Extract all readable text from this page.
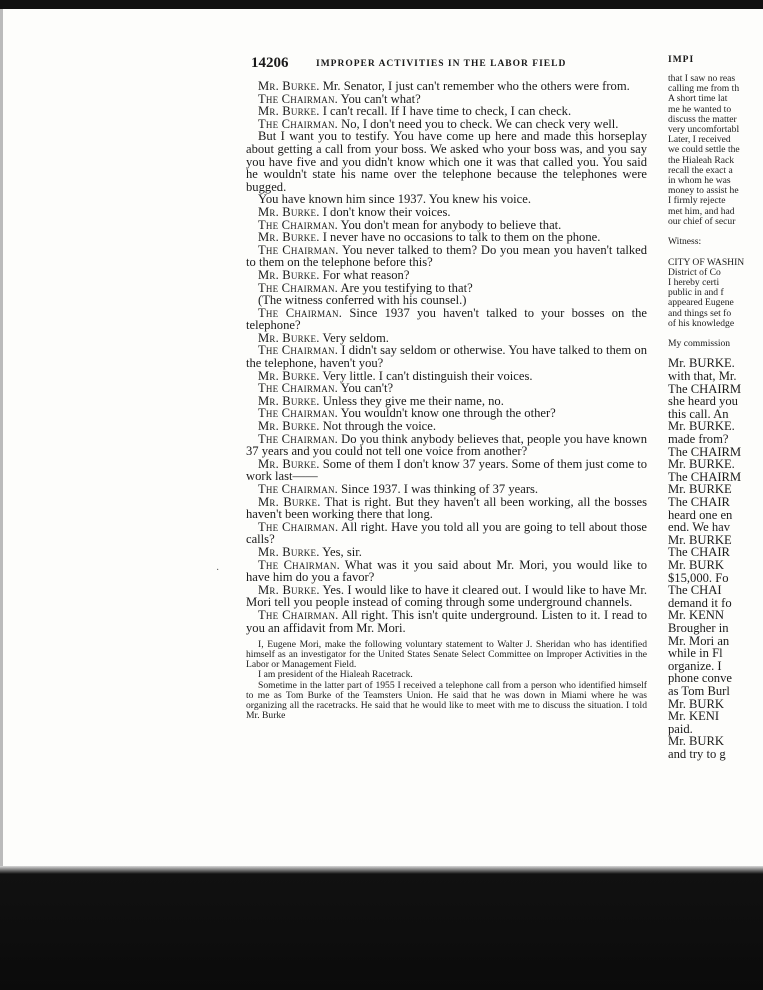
14206	IMPROPER ACTIVITIES IN THE LABOR FIELD

Mr. Burke. Mr. Senator, I just can't remember who the others were from.

The Chairman. You can't what?

Mr. Burke. I can't recall. If I have time to check, I can check.

The Chairman. No, I don't need you to check. We can check very well.

But I want you to testify. You have come up here and made this horseplay about getting a call from your boss. We asked who your boss was, and you say you have five and you didn't know which one it was that called you. You said he wouldn't state his name over the telephone because the telephones were bugged.

You have known him since 1937. You knew his voice.

Mr. Burke. I don't know their voices.

The Chairman. You don't mean for anybody to believe that.

Mr. Burke. I never have no occasions to talk to them on the phone.

The Chairman. You never talked to them? Do you mean you haven't talked to them on the telephone before this?

Mr. Burke. For what reason?

The Chairman. Are you testifying to that?

(The witness conferred with his counsel.)

The Chairman. Since 1937 you haven't talked to your bosses on the telephone?

Mr. Burke. Very seldom.

The Chairman. I didn't say seldom or otherwise. You have talked to them on the telephone, haven't you?

Mr. Burke. Very little. I can't distinguish their voices.

The Chairman. You can't?

Mr. Burke. Unless they give me their name, no.

The Chairman. You wouldn't know one through the other?

Mr. Burke. Not through the voice.

The Chairman. Do you think anybody believes that, people you have known 37 years and you could not tell one voice from another?

Mr. Burke. Some of them I don't know 37 years. Some of them just come to work last——

The Chairman. Since 1937. I was thinking of 37 years.

Mr. Burke. That is right. But they haven't all been working, all the bosses haven't been working there that long.

The Chairman. All right. Have you told all you are going to tell about those calls?

Mr. Burke. Yes, sir.

The Chairman. What was it you said about Mr. Mori, you would like to have him do you a favor?

Mr. Burke. Yes. I would like to have it cleared out. I would like to have Mr. Mori tell you people instead of coming through some underground channels.

The Chairman. All right. This isn't quite underground. Listen to it. I read to you an affidavit from Mr. Mori.

I, Eugene Mori, make the following voluntary statement to Walter J. Sheridan who has identified himself as an investigator for the United States Senate Select Committee on Improper Activities in the Labor or Management Field.

I am president of the Hialeah Racetrack.

Sometime in the latter part of 1955 I received a telephone call from a person who identified himself to me as Tom Burke of the Teamsters Union. He said that he was down in Miami where he was organizing all the racetracks. He said that he would like to meet with me to discuss the situation. I told Mr. Burke

IMPI
that I saw no reas
calling me from th
A short time lat
me he wanted to
discuss the matter
very uncomfortabl
Later, I received
we could settle the
the Hialeah Rack
recall the exact a
in whom he was
money to assist he
I firmly rejecte
met him, and had
our chief of secur

Witness:

CITY OF WASHIN
District of Co
I hereby certi
public in and f
appeared Eugene
and things set fo
of his knowledge

My commission
Mr. BURKE.
with that, Mr.
The CHAIRM
she heard you
this call. An
Mr. BURKE.
made from?
The CHAIRM
Mr. BURKE.
The CHAIRM
Mr. BURKE
The CHAIR
heard one en
end. We hav
Mr. BURKE
The CHAIR
Mr. BURK
$15,000. Fo
The CHAI
demand it fo
Mr. KENN
Brougher in
Mr. Mori an
while in Fl
organize. I
phone conve
as Tom Burl
Mr. BURK
Mr. KENI
paid.
Mr. BURK
and try to g
·
